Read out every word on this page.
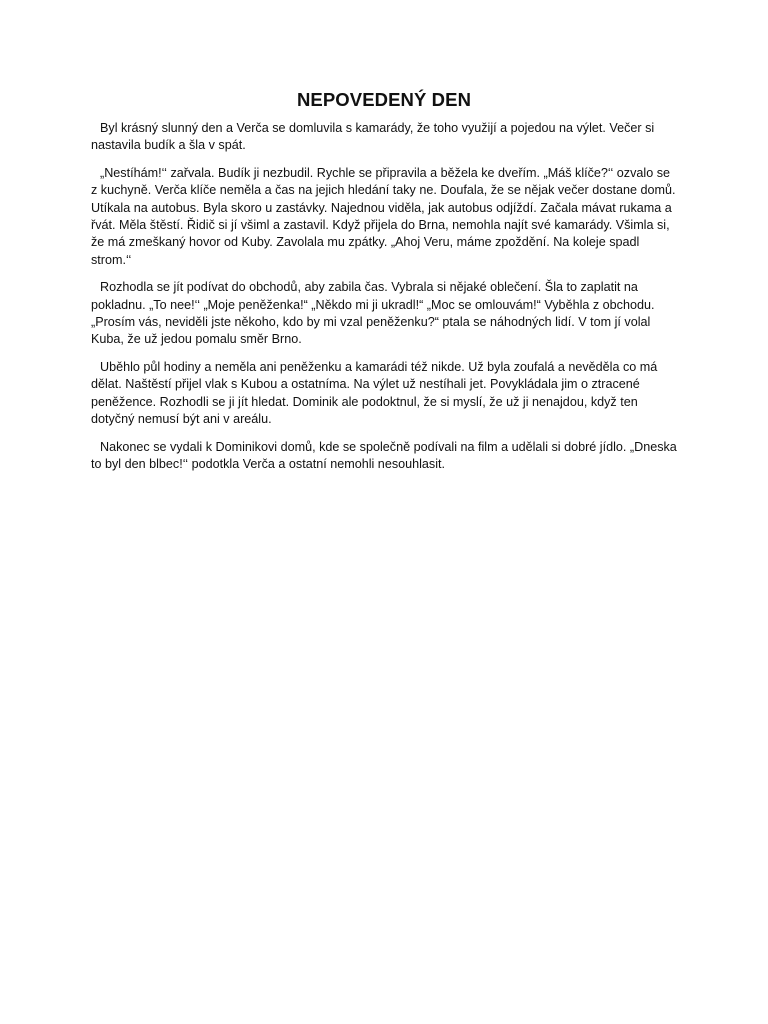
NEPOVEDENÝ DEN

Byl krásný slunný den a Verča se domluvila s kamarády, že toho využijí a pojedou na výlet. Večer si nastavila budík a šla v spát.

„Nestíhám!‘‘ zařvala. Budík ji nezbudil. Rychle se připravila a běžela ke dveřím. „Máš klíče?‘‘ ozvalo se z kuchyně. Verča klíče neměla a čas na jejich hledání taky ne. Doufala, že se nějak večer dostane domů. Utíkala na autobus. Byla skoro u zastávky. Najednou viděla, jak autobus odjíždí. Začala mávat rukama a řvát. Měla štěstí. Řidič si jí všiml a zastavil. Když přijela do Brna, nemohla najít své kamarády. Všimla si, že má zmeškaný hovor od Kuby. Zavolala mu zpátky. „Ahoj Veru, máme zpoždění. Na koleje spadl strom.‘‘

Rozhodla se jít podívat do obchodů, aby zabila čas. Vybrala si nějaké oblečení. Šla to zaplatit na pokladnu. „To nee!‘‘ „Moje peněženka!“ „Někdo mi ji ukradl!“ „Moc se omlouvám!“ Vyběhla z obchodu. „Prosím vás, neviděli jste někoho, kdo by mi vzal peněženku?“ ptala se náhodných lidí. V tom jí volal Kuba, že už jedou pomalu směr Brno.

Uběhlo půl hodiny a neměla ani peněženku a kamarádi též nikde. Už byla zoufalá a nevěděla co má dělat. Naštěstí přijel vlak s Kubou a ostatníma. Na výlet už nestíhali jet. Povykládala jim o ztracené peněžence. Rozhodli se ji jít hledat. Dominik ale podoktnul, že si myslí, že už ji nenajdou, když ten dotyčný nemusí být ani v areálu.

Nakonec se vydali k Dominikovi domů, kde se společně podívali na film a udělali si dobré jídlo. „Dneska to byl den blbec!‘‘ podotkla Verča a ostatní nemohli nesouhlasit.
